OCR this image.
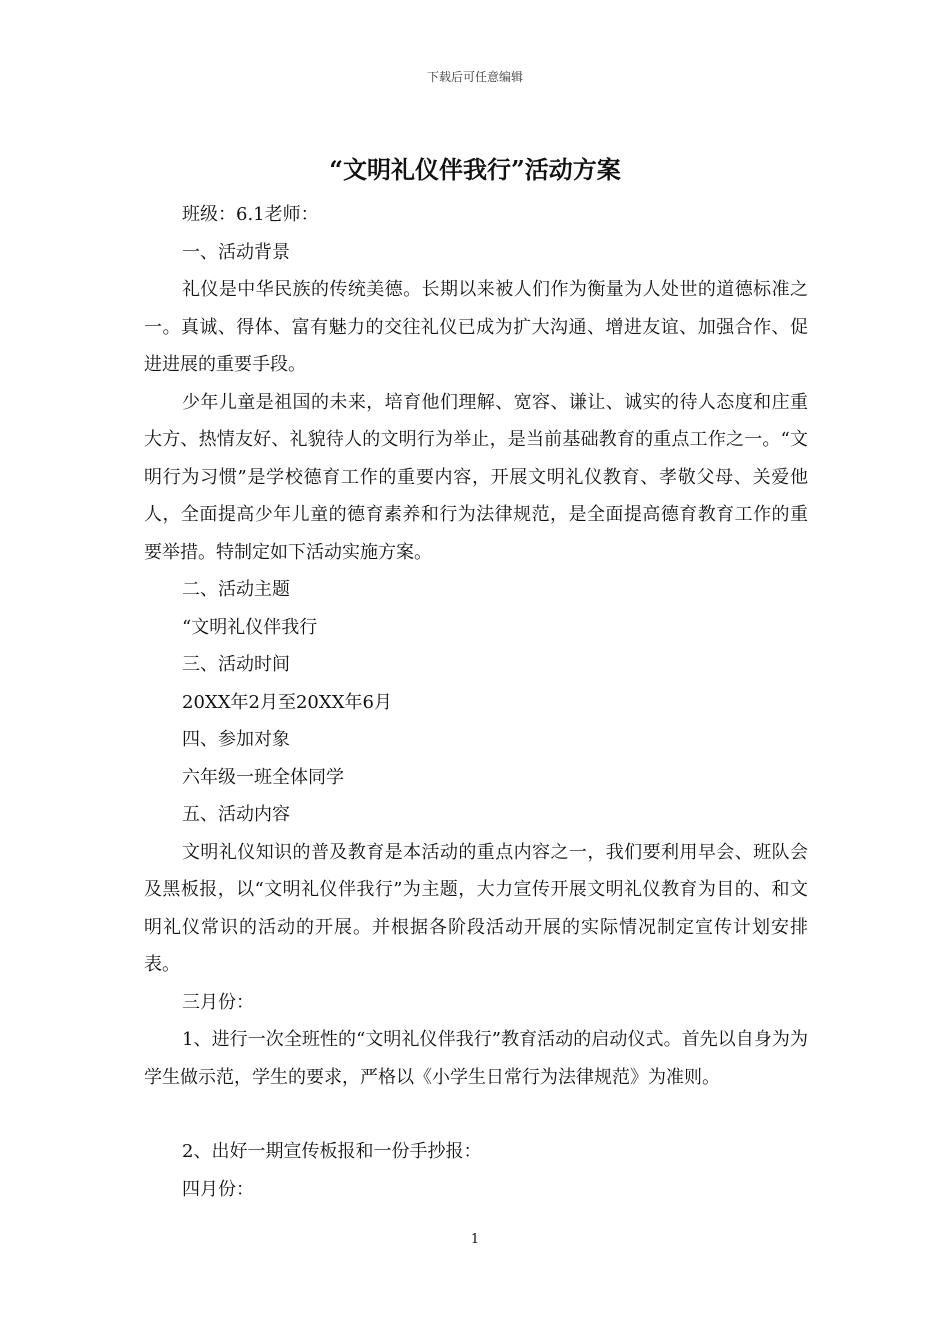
下载后可任意编辑
“文明礼仪伴我行”活动方案

班级：6.1老师：

一、活动背景

礼仪是中华民族的传统美德。长期以来被人们作为衡量为人处世的道德标准之一。真诚、得体、富有魅力的交往礼仪已成为扩大沟通、增进友谊、加强合作、促进进展的重要手段。

少年儿童是祖国的未来，培育他们理解、宽容、谦让、诚实的待人态度和庄重大方、热情友好、礼貌待人的文明行为举止，是当前基础教育的重点工作之一。“文明行为习惯”是学校德育工作的重要内容，开展文明礼仪教育、孝敬父母、关爱他人，全面提高少年儿童的德育素养和行为法律规范，是全面提高德育教育工作的重要举措。特制定如下活动实施方案。

二、活动主题

“文明礼仪伴我行

三、活动时间

20XX年2月至20XX年6月

四、参加对象

六年级一班全体同学

五、活动内容

文明礼仪知识的普及教育是本活动的重点内容之一，我们要利用早会、班队会及黑板报，以“文明礼仪伴我行”为主题，大力宣传开展文明礼仪教育为目的、和文明礼仪常识的活动的开展。并根据各阶段活动开展的实际情况制定宣传计划安排表。

三月份：

1、进行一次全班性的“文明礼仪伴我行”教育活动的启动仪式。首先以自身为为学生做示范，学生的要求，严格以《小学生日常行为法律规范》为准则。

2、出好一期宣传板报和一份手抄报：

四月份：

1
